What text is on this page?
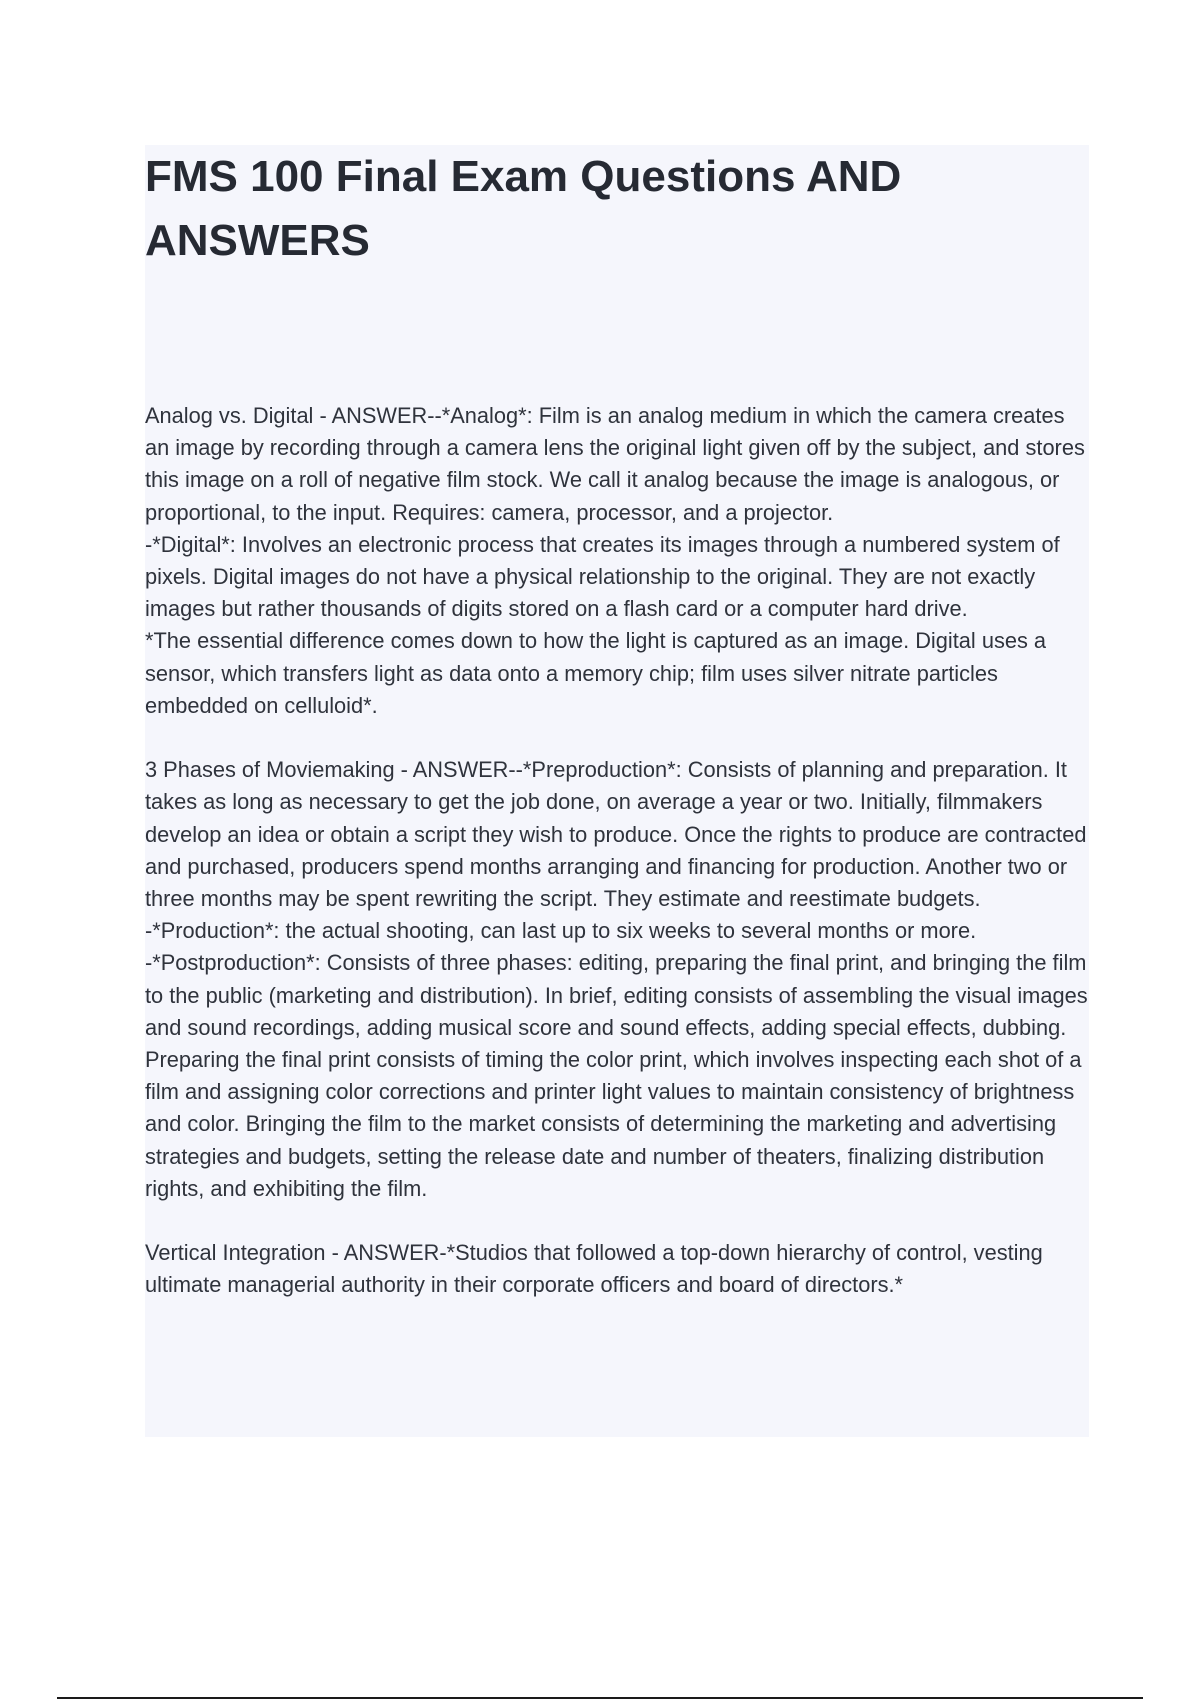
FMS 100 Final Exam Questions AND ANSWERS

Analog vs. Digital - ANSWER--*Analog*: Film is an analog medium in which the camera creates an image by recording through a camera lens the original light given off by the subject, and stores this image on a roll of negative film stock. We call it analog because the image is analogous, or proportional, to the input. Requires: camera, processor, and a projector.

-*Digital*: Involves an electronic process that creates its images through a numbered system of pixels. Digital images do not have a physical relationship to the original. They are not exactly images but rather thousands of digits stored on a flash card or a computer hard drive.

*The essential difference comes down to how the light is captured as an image. Digital uses a sensor, which transfers light as data onto a memory chip; film uses silver nitrate particles embedded on celluloid*.

3 Phases of Moviemaking - ANSWER--*Preproduction*: Consists of planning and preparation. It takes as long as necessary to get the job done, on average a year or two. Initially, filmmakers develop an idea or obtain a script they wish to produce. Once the rights to produce are contracted and purchased, producers spend months arranging and financing for production. Another two or three months may be spent rewriting the script. They estimate and reestimate budgets.

-*Production*: the actual shooting, can last up to six weeks to several months or more.

-*Postproduction*: Consists of three phases: editing, preparing the final print, and bringing the film to the public (marketing and distribution). In brief, editing consists of assembling the visual images and sound recordings, adding musical score and sound effects, adding special effects, dubbing. Preparing the final print consists of timing the color print, which involves inspecting each shot of a film and assigning color corrections and printer light values to maintain consistency of brightness and color. Bringing the film to the market consists of determining the marketing and advertising strategies and budgets, setting the release date and number of theaters, finalizing distribution rights, and exhibiting the film.

Vertical Integration - ANSWER-*Studios that followed a top-down hierarchy of control, vesting ultimate managerial authority in their corporate officers and board of directors.*
